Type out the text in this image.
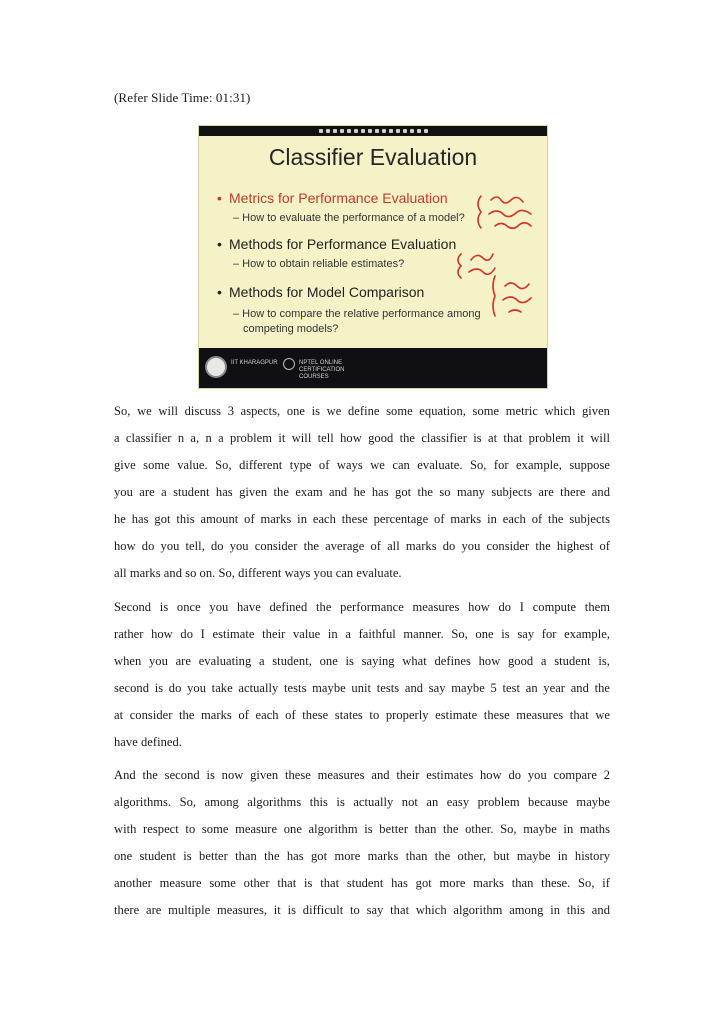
(Refer Slide Time: 01:31)
Classifier Evaluation
• Metrics for Performance Evaluation
– How to evaluate the performance of a model?
• Methods for Performance Evaluation
– How to obtain reliable estimates?
• Methods for Model Comparison
– How to compare the relative performance among
competing models?
IIT KHARAGPUR	NPTEL ONLINE CERTIFICATION COURSES
So, we will discuss 3 aspects, one is we define some equation, some metric which given
a classifier n a, n a problem it will tell how good the classifier is at that problem it will
give some value. So, different type of ways we can evaluate. So, for example, suppose
you are a student has given the exam and he has got the so many subjects are there and
he has got this amount of marks in each these percentage of marks in each of the subjects
how do you tell, do you consider the average of all marks do you consider the highest of
all marks and so on. So, different ways you can evaluate.
Second is once you have defined the performance measures how do I compute them
rather how do I estimate their value in a faithful manner. So, one is say for example,
when you are evaluating a student, one is saying what defines how good a student is,
second is do you take actually tests maybe unit tests and say maybe 5 test an year and the
at consider the marks of each of these states to properly estimate these measures that we
have defined.
And the second is now given these measures and their estimates how do you compare 2
algorithms. So, among algorithms this is actually not an easy problem because maybe
with respect to some measure one algorithm is better than the other. So, maybe in maths
one student is better than the has got more marks than the other, but maybe in history
another measure some other that is that student has got more marks than these. So, if
there are multiple measures, it is difficult to say that which algorithm among in this and
